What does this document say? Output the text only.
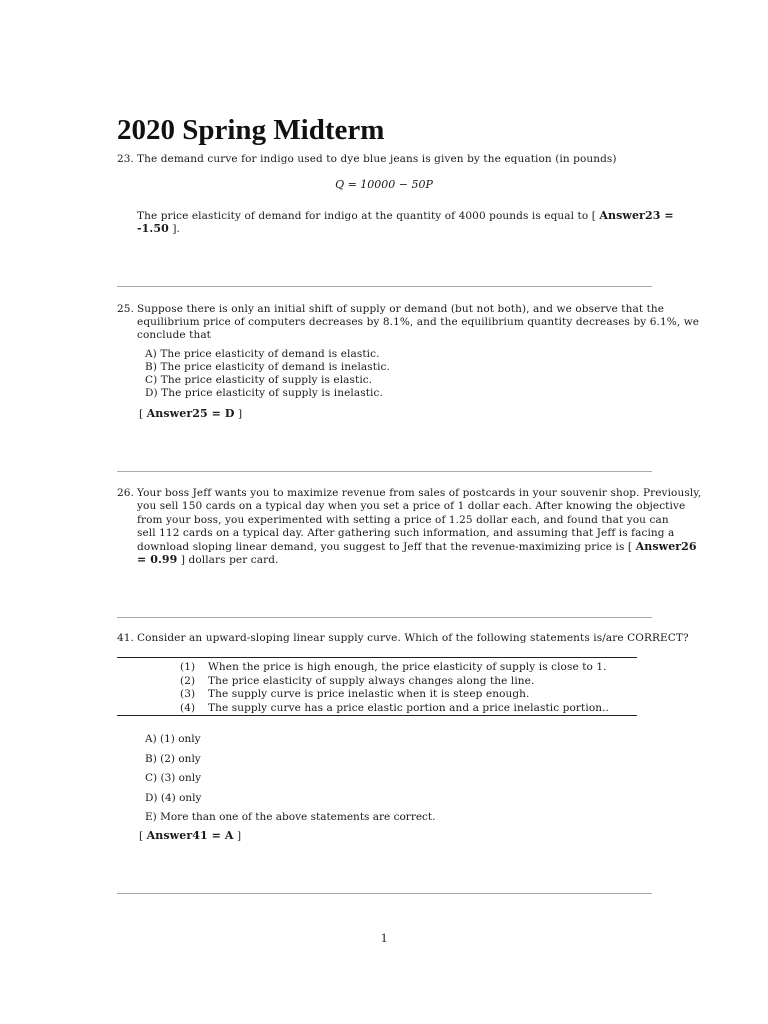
2020 Spring Midterm
23. The demand curve for indigo used to dye blue jeans is given by the equation (in pounds)
Q = 10000 − 50P
The price elasticity of demand for indigo at the quantity of 4000 pounds is equal to [ Answer23 =
-1.50 ].
25. Suppose there is only an initial shift of supply or demand (but not both), and we observe that the
equilibrium price of computers decreases by 8.1%, and the equilibrium quantity decreases by 6.1%, we
conclude that
A) The price elasticity of demand is elastic.
B) The price elasticity of demand is inelastic.
C) The price elasticity of supply is elastic.
D) The price elasticity of supply is inelastic.
[ Answer25 = D ]
26. Your boss Jeff wants you to maximize revenue from sales of postcards in your souvenir shop. Previously,
you sell 150 cards on a typical day when you set a price of 1 dollar each. After knowing the objective
from your boss, you experimented with setting a price of 1.25 dollar each, and found that you can
sell 112 cards on a typical day. After gathering such information, and assuming that Jeff is facing a
download sloping linear demand, you suggest to Jeff that the revenue-maximizing price is [ Answer26
= 0.99 ] dollars per card.
41. Consider an upward-sloping linear supply curve. Which of the following statements is/are CORRECT?
(1)	When the price is high enough, the price elasticity of supply is close to 1.
(2)	The price elasticity of supply always changes along the line.
(3)	The supply curve is price inelastic when it is steep enough.
(4)	The supply curve has a price elastic portion and a price inelastic portion..
A) (1) only
B) (2) only
C) (3) only
D) (4) only
E) More than one of the above statements are correct.
[ Answer41 = A ]
1
